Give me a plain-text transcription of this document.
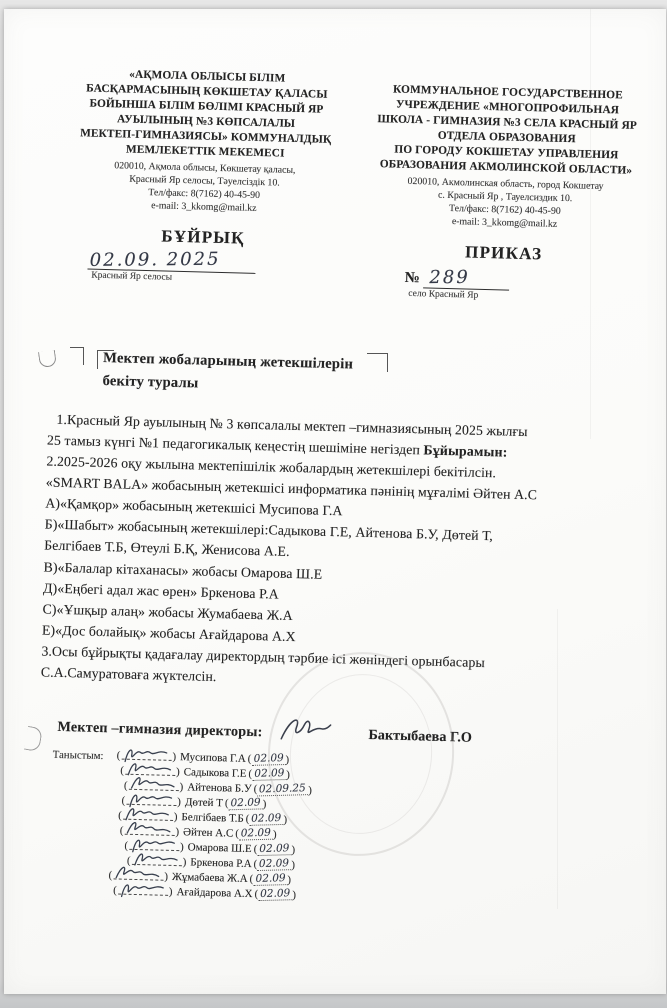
«АҚМОЛА ОБЛЫСЫ БІЛІМ
БАСҚАРМАСЫНЫҢ КӨКШЕТАУ ҚАЛАСЫ
БОЙЫНША БІЛІМ БӨЛІМІ КРАСНЫЙ ЯР
АУЫЛЫНЫҢ №3 КӨПСАЛАЛЫ
МЕКТЕП-ГИМНАЗИЯСЫ» КОММУНАЛДЫҚ
МЕМЛЕКЕТТІК МЕКЕМЕСІ
020010, Ақмола облысы, Көкшетау қаласы,
Красный Яр селосы, Тәуелсіздік 10.
Тел/факс: 8(7162) 40-45-90
e-mail: 3_kkomg@mail.kz
БҰЙРЫҚ
02.09. 2025
Красный Яр селосы
КОММУНАЛЬНОЕ ГОСУДАРСТВЕННОЕ
УЧРЕЖДЕНИЕ «МНОГОПРОФИЛЬНАЯ
ШКОЛА - ГИМНАЗИЯ №3 СЕЛА КРАСНЫЙ ЯР
ОТДЕЛА ОБРАЗОВАНИЯ
ПО ГОРОДУ КОКШЕТАУ УПРАВЛЕНИЯ
ОБРАЗОВАНИЯ АКМОЛИНСКОЙ ОБЛАСТИ»
020010, Акмолинская область, город Кокшетау
с. Красный Яр , Тауелсиздик 10.
Тел/факс: 8(7162) 40-45-90
e-mail: 3_kkomg@mail.kz
ПРИКАЗ
№ 289
село Красный Яр
Мектеп жобаларының жетекшілерін
бекіту туралы
1.Красный Яр ауылының № 3 көпсалалы мектеп –гимназиясының 2025 жылғы
25 тамыз күнгі №1 педагогикалық кеңестің шешіміне негіздеп Бұйырамын:
2.2025-2026 оқу жылына мектепішілік жобалардың жетекшілері бекітілсін.
«SMART BALA» жобасының жетекшісі информатика пәнінің мұғалімі Әйтен А.С
А)«Қамқор» жобасының жетекшісі Мусипова Г.А
Б)«Шабыт» жобасының жетекшілері:Садыкова Г.Е, Айтенова Б.У, Дөтей Т,
Белгібаев Т.Б, Өтеулі Б.Қ, Женисова А.Е.
В)«Балалар кітаханасы» жобасы Омарова Ш.Е
Д)«Еңбегі адал жас өрен» Бркенова Р.А
С)«Ұшқыр алаң» жобасы Жумабаева Ж.А
Е)«Дос болайық» жобасы Ағайдарова А.Х
3.Осы бұйрықты қадағалау директордың тәрбие ісі жөніндегі орынбасары
С.А.Самуратоваға жүктелсін.
Мектеп –гимназия директоры:	Бактыбаева Г.О
Таныстым: (	) Мусипова Г.А ( 02.09 )
(	) Садыкова Г.Е ( 02.09 )
(	) Айтенова Б.У ( 02.09.25 )
(	) Дөтей Т ( 02.09 )
(	) Белгібаев Т.Б ( 02.09 )
(	) Әйтен А.С ( 02.09 )
(	) Омарова Ш.Е ( 02.09 )
(	) Бркенова Р.А ( 02.09 )
(	) Жұмабаева Ж.А ( 02.09 )
(	) Ағайдарова А.Х ( 02.09 )
